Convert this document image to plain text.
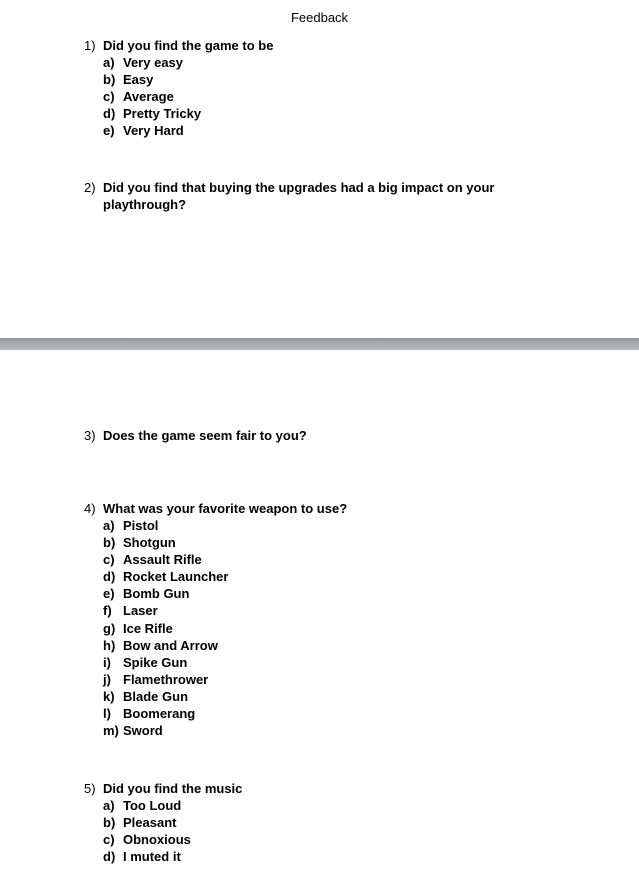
Feedback
1) Did you find the game to be
a) Very easy
b) Easy
c) Average
d) Pretty Tricky
e) Very Hard
2) Did you find that buying the upgrades had a big impact on your playthrough?
3) Does the game seem fair to you?
4) What was your favorite weapon to use?
a) Pistol
b) Shotgun
c) Assault Rifle
d) Rocket Launcher
e) Bomb Gun
f) Laser
g) Ice Rifle
h) Bow and Arrow
i) Spike Gun
j) Flamethrower
k) Blade Gun
l) Boomerang
m) Sword
5) Did you find the music
a) Too Loud
b) Pleasant
c) Obnoxious
d) I muted it
